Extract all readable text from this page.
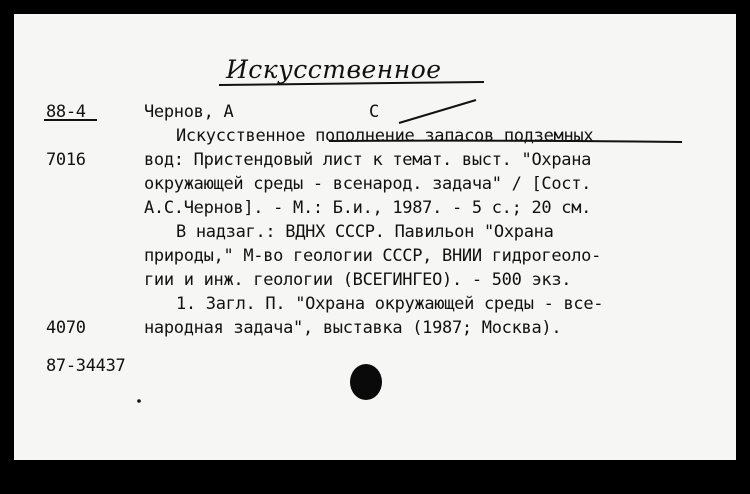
Искусственное
88-4	Чернов, А	С
Искусственное пополнение запасов подземных
7016	вод: Пристендовый лист к темат. выст. "Охрана
окружающей среды - всенарод. задача" / [Сост.
А.С.Чернов]. - М.: Б.и., 1987. - 5 с.; 20 см.
В надзаг.: ВДНХ СССР. Павильон "Охрана
природы," М-во геологии СССР, ВНИИ гидрогеоло-
гии и инж. геологии (ВСЕГИНГЕО). - 500 экз.
1. Загл. П. "Охрана окружающей среды - все-
4070	народная задача", выставка (1987; Москва).
87-34437
